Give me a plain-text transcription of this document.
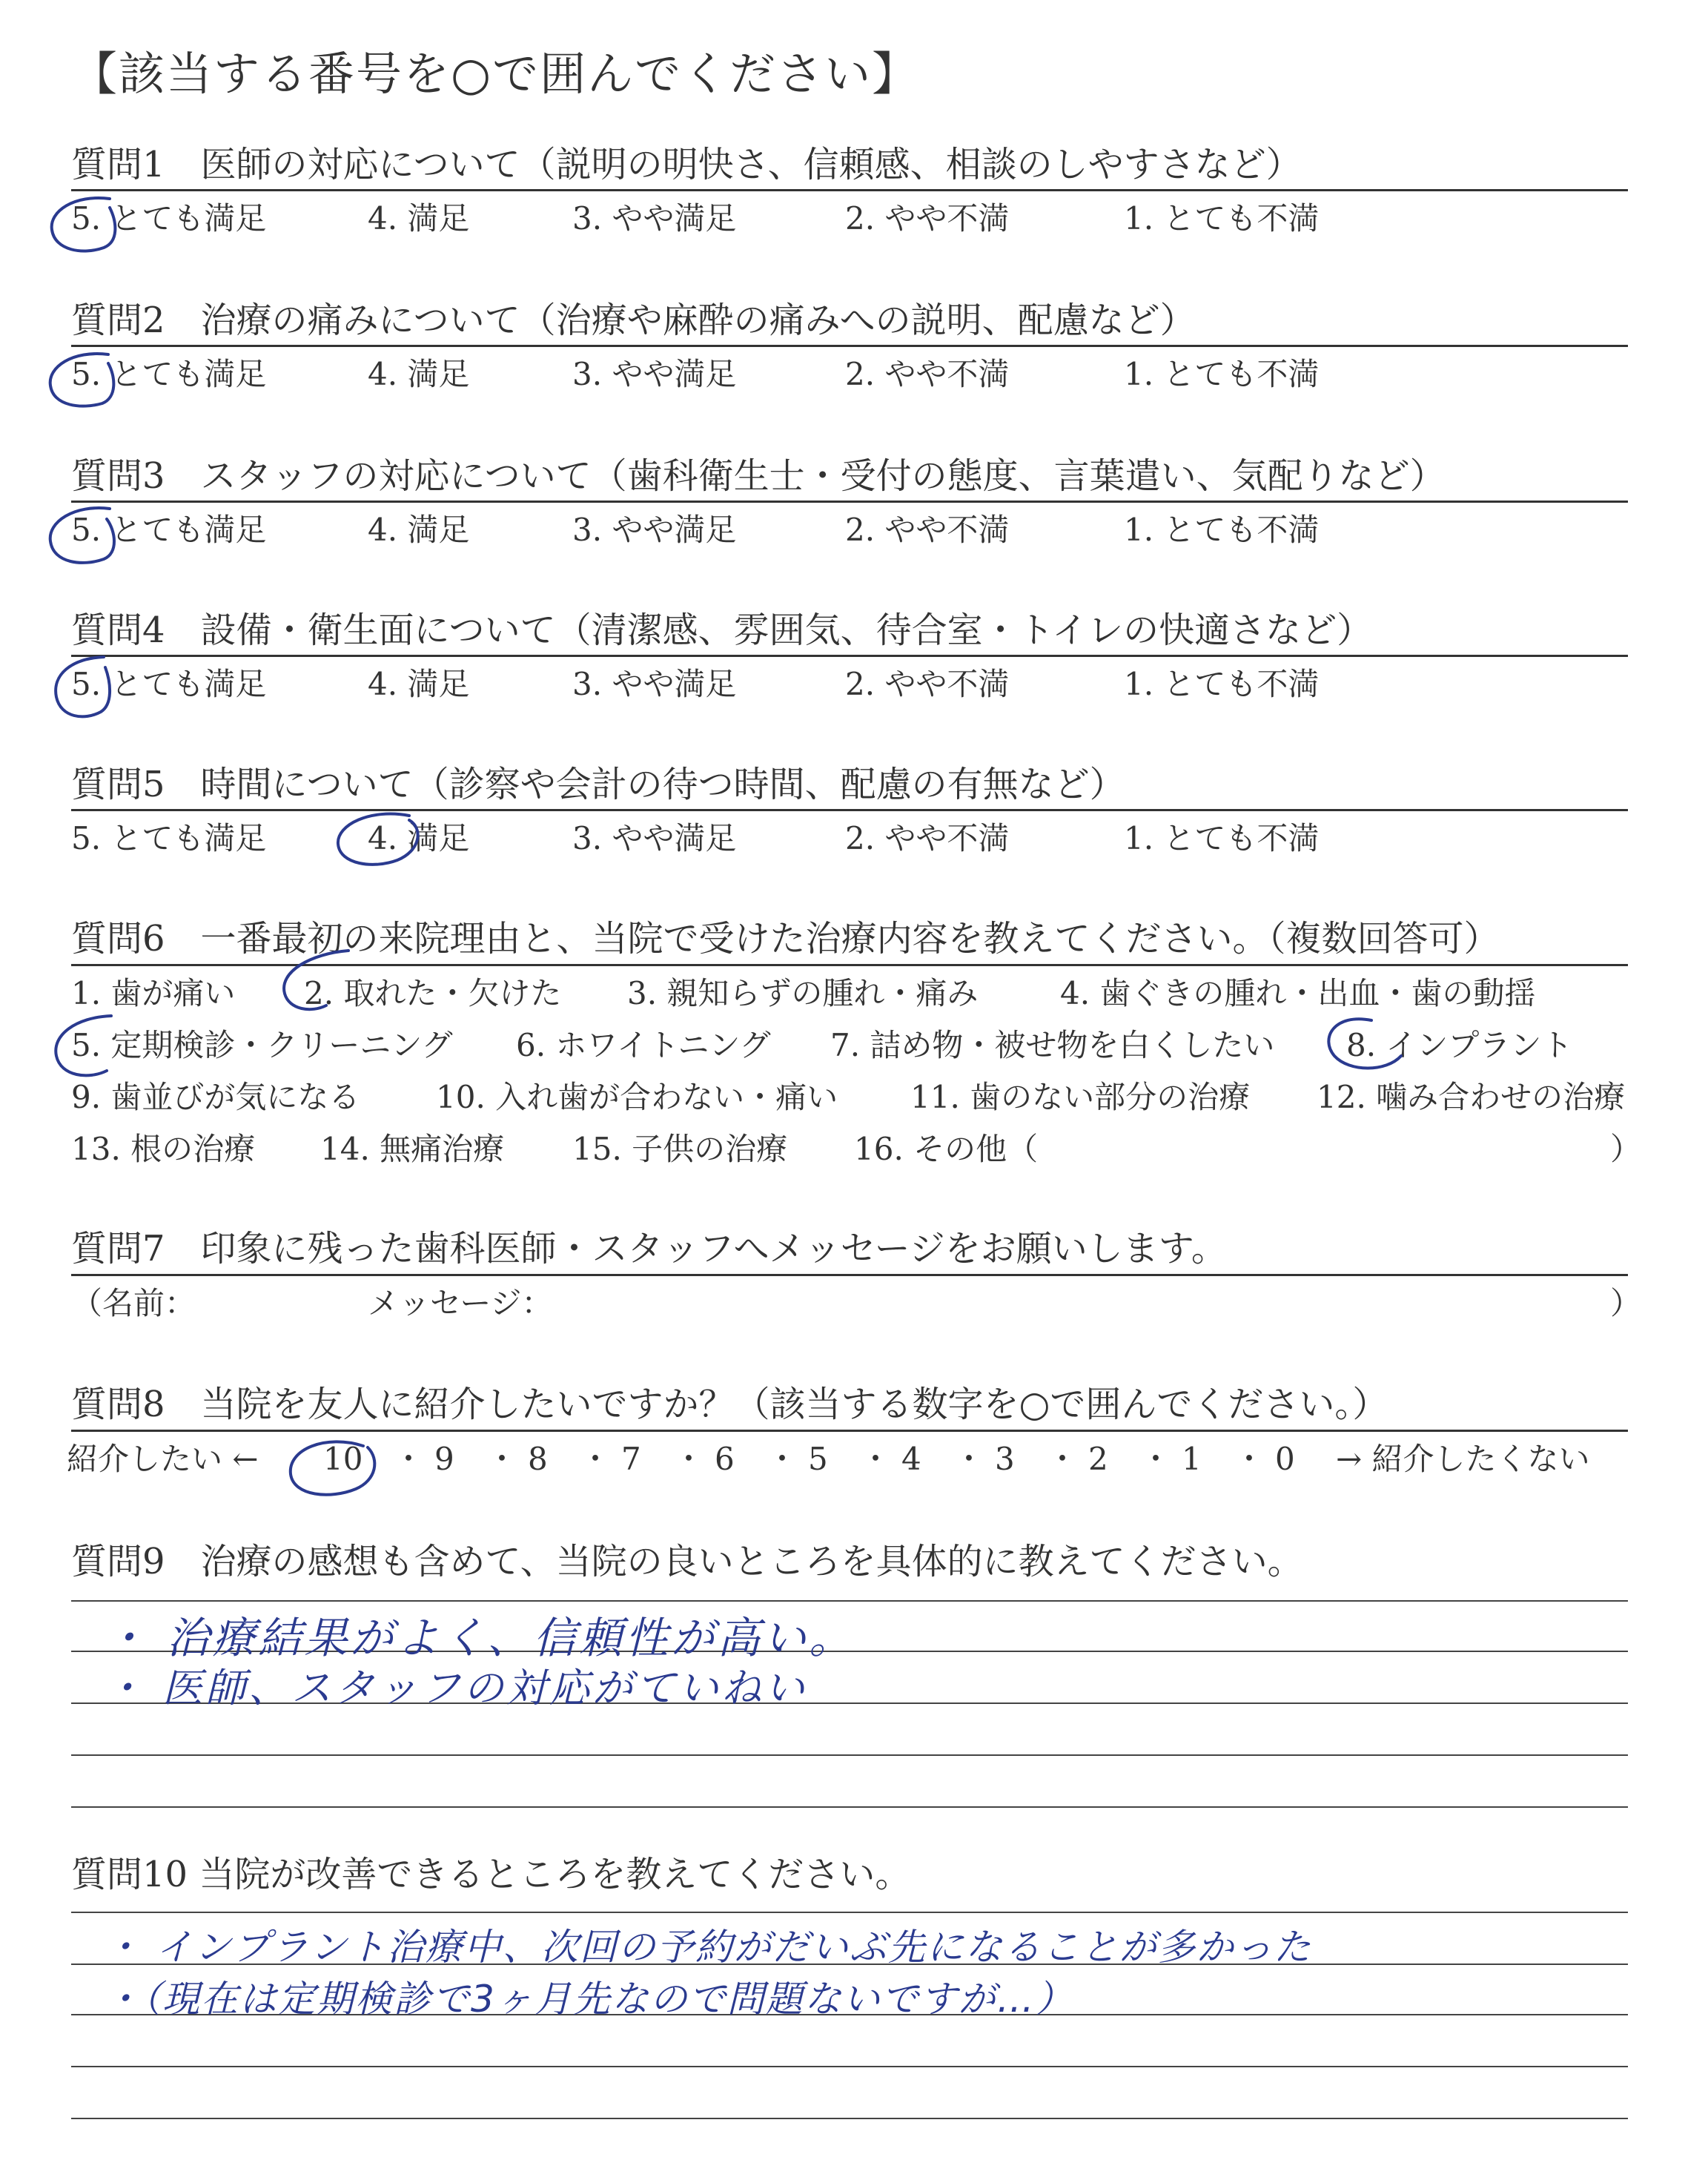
【該当する番号を○で囲んでください】
質問1　医師の対応について（説明の明快さ、信頼感、相談のしやすさなど）
5. とても満足	4. 満足	3. やや満足	2. やや不満	1. とても不満
質問2　治療の痛みについて（治療や麻酔の痛みへの説明、配慮など）
5. とても満足	4. 満足	3. やや満足	2. やや不満	1. とても不満
質問3　スタッフの対応について（歯科衛生士・受付の態度、言葉遣い、気配りなど）
5. とても満足	4. 満足	3. やや満足	2. やや不満	1. とても不満
質問4　設備・衛生面について（清潔感、雰囲気、待合室・トイレの快適さなど）
5. とても満足	4. 満足	3. やや満足	2. やや不満	1. とても不満
質問5　時間について（診察や会計の待つ時間、配慮の有無など）
5. とても満足	4. 満足	3. やや満足	2. やや不満	1. とても不満
質問6　一番最初の来院理由と、当院で受けた治療内容を教えてください。（複数回答可）
1. 歯が痛い 2. 取れた・欠けた 3. 親知らずの腫れ・痛み	4. 歯ぐきの腫れ・出血・歯の動揺
5. 定期検診・クリーニング 6. ホワイトニング 7. 詰め物・被せ物を白くしたい 8. インプラント
9. 歯並びが気になる 10. 入れ歯が合わない・痛い 11. 歯のない部分の治療 12. 噛み合わせの治療
13. 根の治療 14. 無痛治療 15. 子供の治療 16. その他（	）
質問7　印象に残った歯科医師・スタッフへメッセージをお願いします。
（名前：	メッセージ：	）
質問8　当院を友人に紹介したいですか？（該当する数字を○で囲んでください。）
紹介したい ← 10 ・ 9 ・ 8 ・ 7 ・ 6 ・ 5 ・ 4 ・ 3 ・ 2 ・ 1 ・ 0 → 紹介したくない
質問9　治療の感想も含めて、当院の良いところを具体的に教えてください。
・ 治療結果がよく、信頼性が高い。
・ 医師、スタッフの対応がていねい
質問10 当院が改善できるところを教えてください。
・ インプラント治療中、次回の予約がだいぶ先になることが多かった
・（現在は定期検診で3ヶ月先なので問題ないですが…）
